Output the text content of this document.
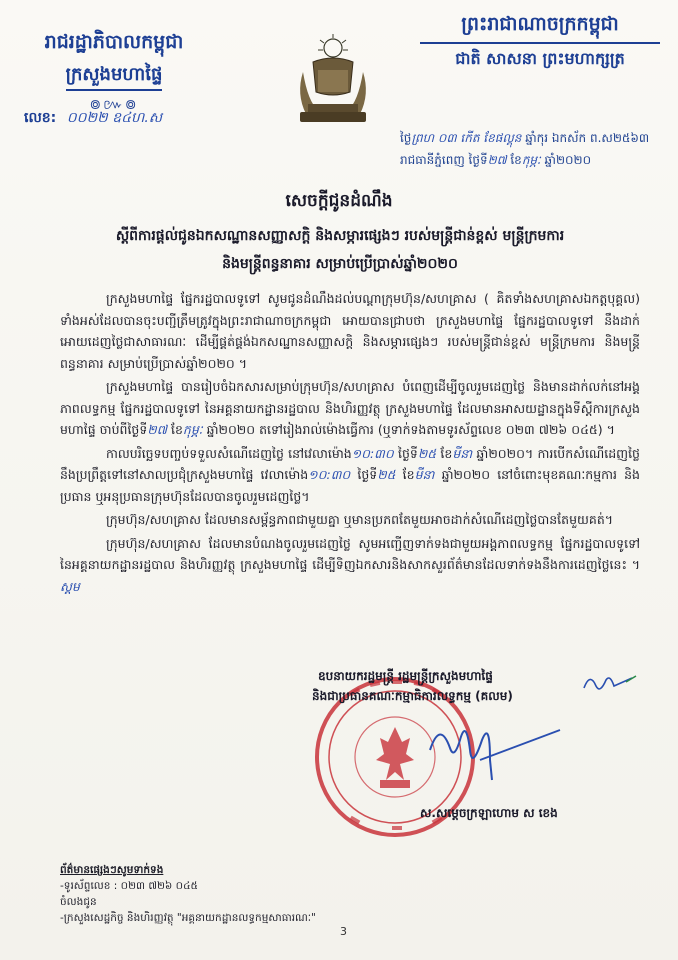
រាជរដ្ឋាភិបាលកម្ពុជា
ក្រសួងមហាផ្ទៃ
៙៚៙
លេខ: ០០២២ ឧ៤ហ.ស
ព្រះរាជាណាចក្រកម្ពុជា
ជាតិ សាសនា ព្រះមហាក្សត្រ
ថ្ងៃព្រហ ០៣ កើត ខែផល្គុន ឆ្នាំកុរ ឯកស័ក ព.ស២៥៦៣
រាជធានីភ្នំពេញ ថ្ងៃទី២៧ ខែកុម្ភៈ ឆ្នាំ២០២០
សេចក្តីជូនដំណឹង
ស្តីពីការផ្តល់ជូនឯកសណ្ឋានសញ្ញាសក្តិ និងសម្ភារផ្សេងៗ របស់មន្ត្រីជាន់ខ្ពស់ មន្ត្រីក្រមការ
និងមន្ត្រីពន្ធនាគារ សម្រាប់ប្រើប្រាស់ឆ្នាំ២០២០

ក្រសួងមហាផ្ទៃ ផ្នែករដ្ឋបាលទូទៅ សូមជូនដំណឹងដល់បណ្តាក្រុមហ៊ុន/សហគ្រាស ( គិតទាំងសហគ្រាសឯកត្តបុគ្គល) ទាំងអស់ដែលបានចុះបញ្ជីត្រឹមត្រូវក្នុងព្រះរាជាណាចក្រកម្ពុជា អោយបានជ្រាបថា ក្រសួងមហាផ្ទៃ ផ្នែករដ្ឋបាលទូទៅ នឹងដាក់អោយដេញថ្លៃជាសាធារណៈ ដើម្បីផ្គត់ផ្គង់ឯកសណ្ឋានសញ្ញាសក្តិ និងសម្ភារផ្សេងៗ របស់មន្ត្រីជាន់ខ្ពស់ មន្ត្រីក្រមការ និងមន្ត្រីពន្ធនាគារ សម្រាប់ប្រើប្រាស់ឆ្នាំ២០២០ ។

ក្រសួងមហាផ្ទៃ បានរៀបចំឯកសារសម្រាប់ក្រុមហ៊ុន/សហគ្រាស បំពេញដើម្បីចូលរួមដេញថ្លៃ និងមានដាក់លក់នៅអង្គភាពលទ្ធកម្ម ផ្នែករដ្ឋបាលទូទៅ នៃអគ្គនាយកដ្ឋានរដ្ឋបាល និងហិរញ្ញវត្ថុ ក្រសួងមហាផ្ទៃ ដែលមានអាសយដ្ឋានក្នុងទីស្តីការក្រសួងមហាផ្ទៃ ចាប់ពីថ្ងៃទី២៧ ខែកុម្ភៈ ឆ្នាំ២០២០ តទៅរៀងរាល់ម៉ោងធ្វើការ (ឬទាក់ទងតាមទូរស័ព្ទលេខ ០២៣ ៧២៦ ០៤៥) ។

កាលបរិច្ឆេទបញ្ចប់ទទួលសំណើដេញថ្លៃ នៅវេលាម៉ោង១០:៣០ ថ្ងៃទី២៥ ខែមីនា ឆ្នាំ២០២០។ ការបើកសំណើដេញថ្លៃ នឹងប្រព្រឹត្តទៅនៅសាលប្រជុំក្រសួងមហាផ្ទៃ វេលាម៉ោង១០:៣០ ថ្ងៃទី២៥ ខែមីនា ឆ្នាំ២០២០ នៅចំពោះមុខគណៈកម្មការ និងប្រធាន ឬអនុប្រធានក្រុមហ៊ុនដែលបានចូលរួមដេញថ្លៃ។

ក្រុមហ៊ុន/សហគ្រាស ដែលមានសម្ព័ន្ធភាពជាមួយគ្នា ឬមានប្រភពតែមួយអាចដាក់សំណើដេញថ្លៃបានតែមួយគត់។

ក្រុមហ៊ុន/សហគ្រាស ដែលមានបំណងចូលរួមដេញថ្លៃ សូមអញ្ជើញទាក់ទងជាមួយអង្គភាពលទ្ធកម្ម ផ្នែករដ្ឋបាលទូទៅ នៃអគ្គនាយកដ្ឋានរដ្ឋបាល និងហិរញ្ញវត្ថុ ក្រសួងមហាផ្ទៃ ដើម្បីទិញឯកសារនិងសាកសួរព័ត៌មានដែលទាក់ទងនឹងការដេញថ្លៃនេះ ។ ស្ដម

ឧបនាយករដ្ឋមន្ត្រី រដ្ឋមន្ត្រីក្រសួងមហាផ្ទៃ
និងជាប្រធានគណៈកម្មាធិការលទ្ធកម្ម (គលម)
ស.សម្តេចក្រឡាហោម ស ខេង
ព័ត៌មានផ្សេងៗសូមទាក់ទង
-ទូរស័ព្ទលេខ : ០២៣ ៧២៦ ០៤៥
ចំលងជូន
-ក្រសួងសេដ្ឋកិច្ច និងហិរញ្ញវត្ថុ "អគ្គនាយកដ្ឋានលទ្ធកម្មសាធារណៈ"
3
